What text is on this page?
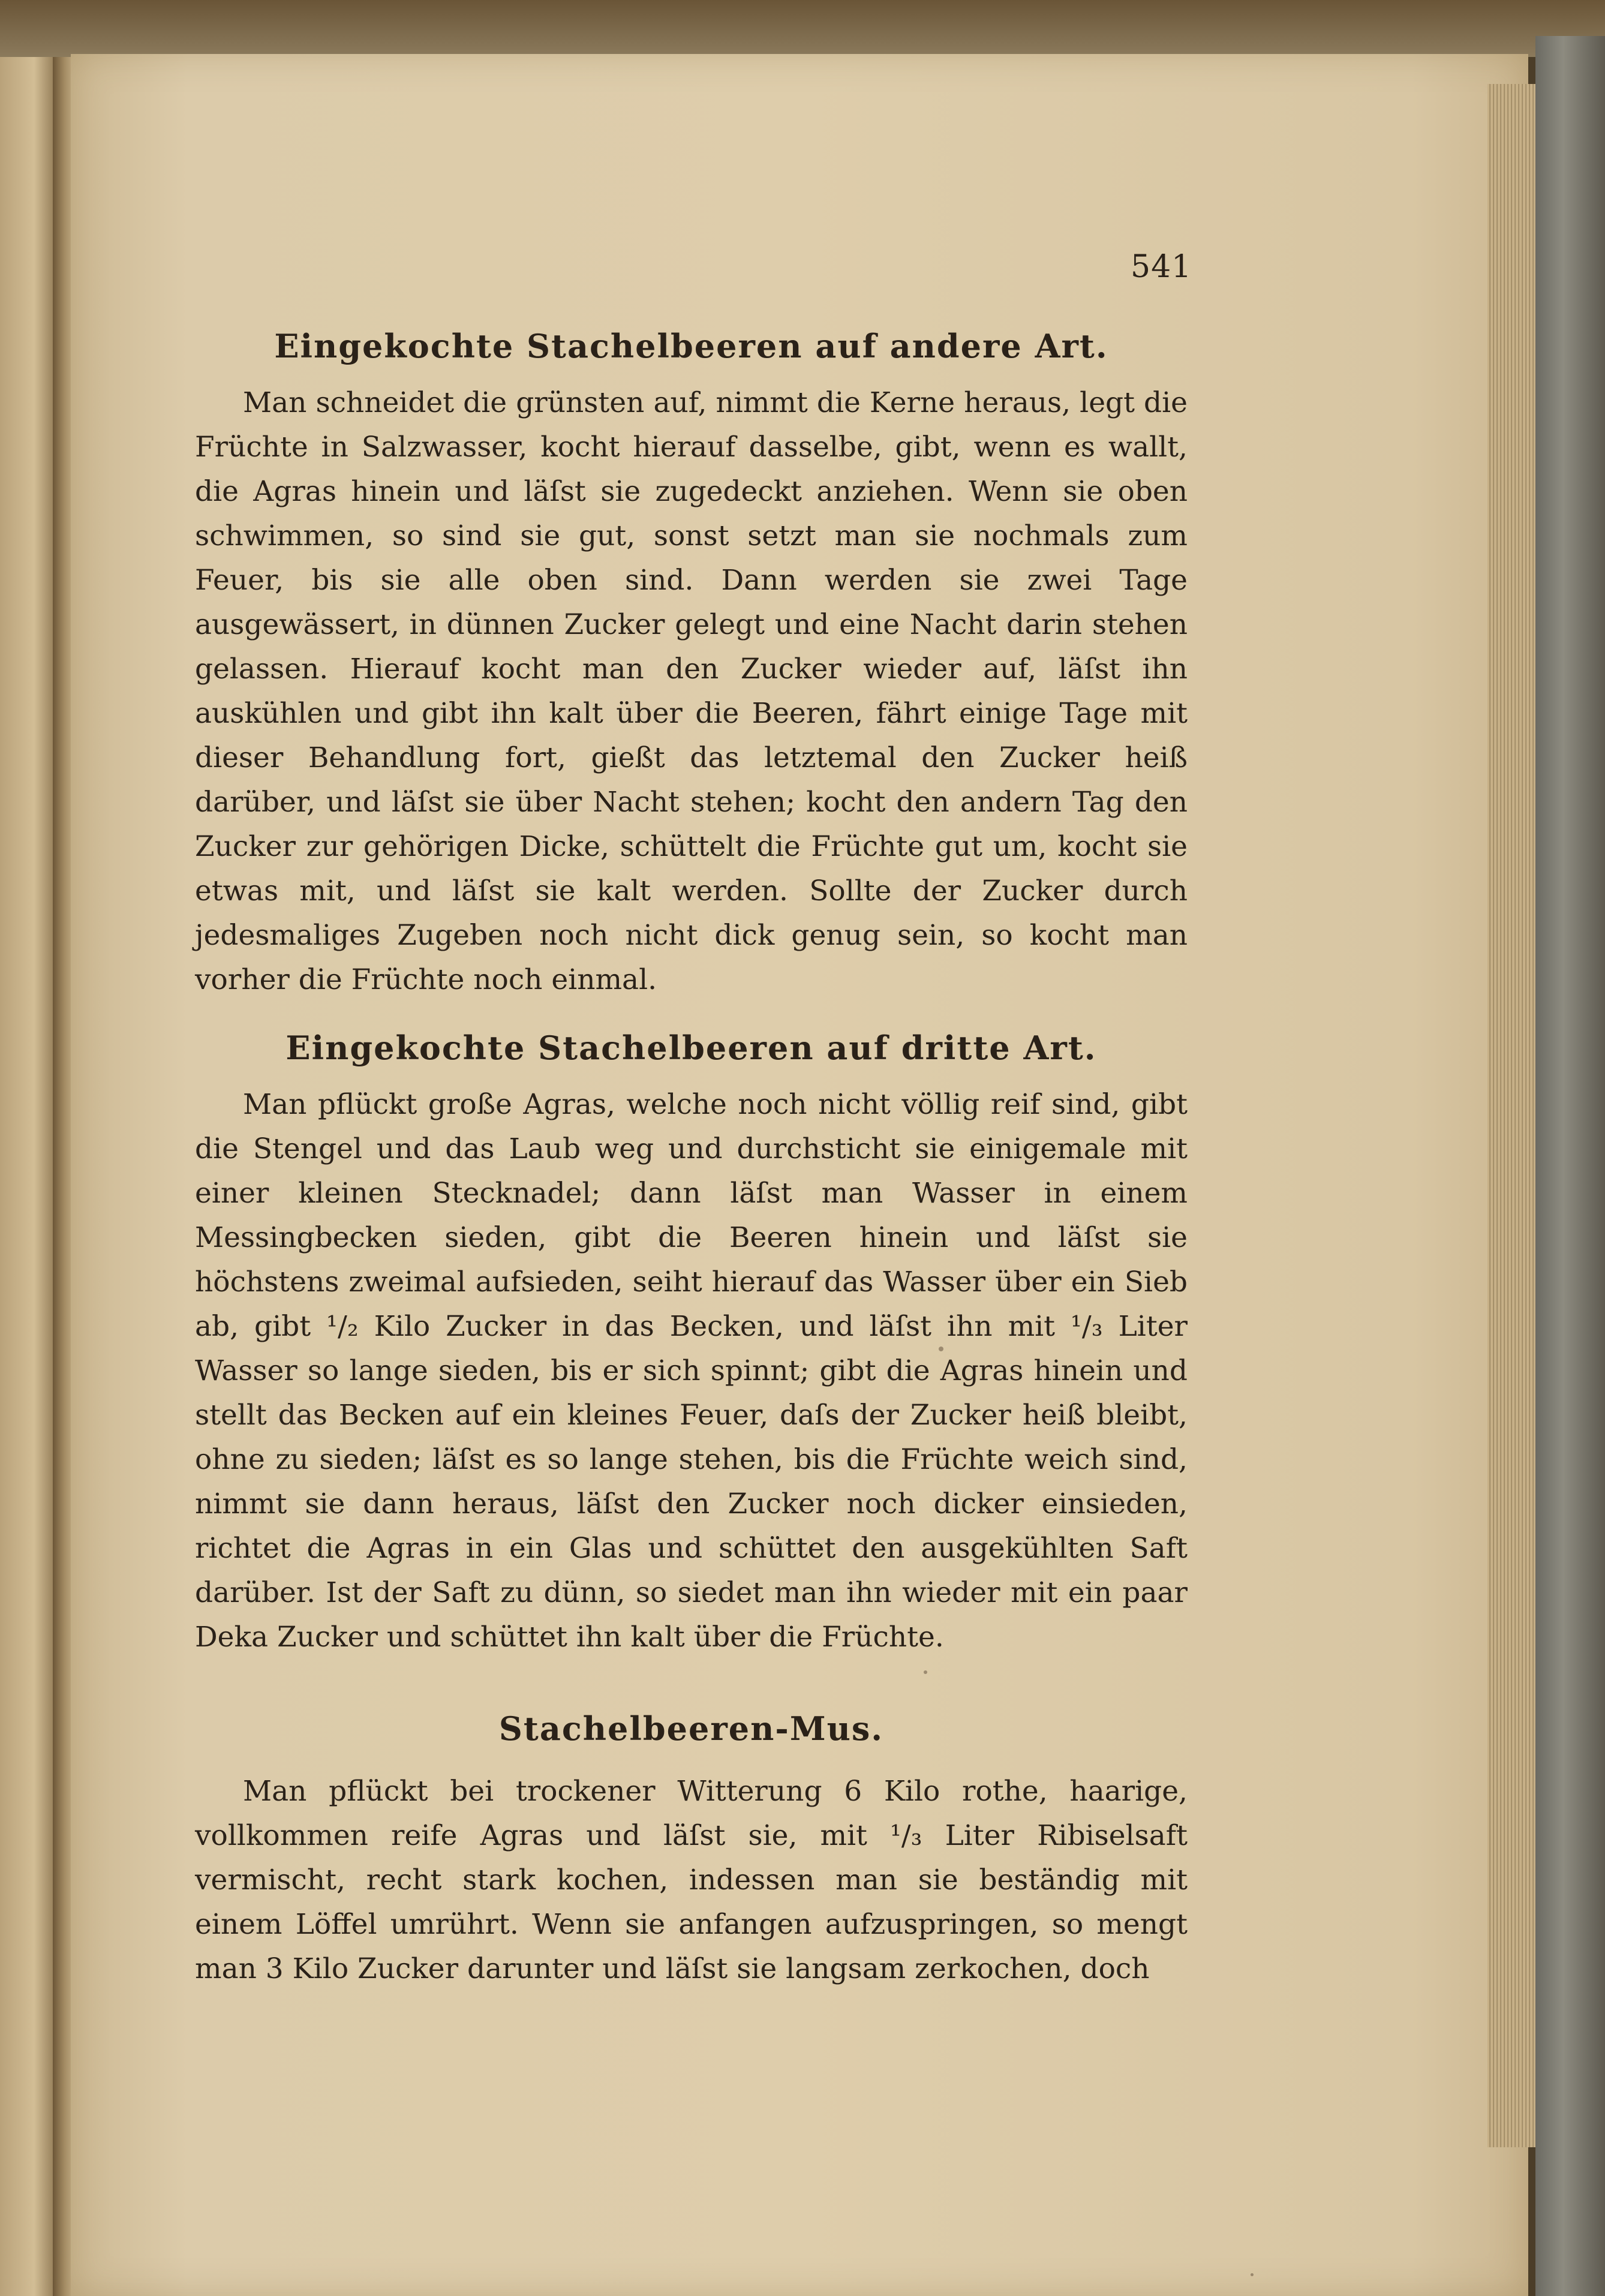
541
Eingekochte Stachelbeeren auf andere Art.

Man schneidet die grünsten auf, nimmt die Kerne heraus, legt die Früchte in Salzwasser, kocht hierauf dasselbe, gibt, wenn es wallt, die Agras hinein und läſst sie zugedeckt anziehen. Wenn sie oben schwimmen, so sind sie gut, sonst setzt man sie nochmals zum Feuer, bis sie alle oben sind. Dann werden sie zwei Tage ausgewässert, in dünnen Zucker gelegt und eine Nacht darin stehen gelassen. Hierauf kocht man den Zucker wieder auf, läſst ihn auskühlen und gibt ihn kalt über die Beeren, fährt einige Tage mit dieser Behandlung fort, gießt das letztemal den Zucker heiß darüber, und läſst sie über Nacht stehen; kocht den andern Tag den Zucker zur gehörigen Dicke, schüttelt die Früchte gut um, kocht sie etwas mit, und läſst sie kalt werden. Sollte der Zucker durch jedesmaliges Zugeben noch nicht dick genug sein, so kocht man vorher die Früchte noch einmal.

Eingekochte Stachelbeeren auf dritte Art.

Man pflückt große Agras, welche noch nicht völlig reif sind, gibt die Stengel und das Laub weg und durchsticht sie einigemale mit einer kleinen Stecknadel; dann läſst man Wasser in einem Messingbecken sieden, gibt die Beeren hinein und läſst sie höchstens zweimal aufsieden, seiht hierauf das Wasser über ein Sieb ab, gibt ¹/₂ Kilo Zucker in das Becken, und läſst ihn mit ¹/₃ Liter Wasser so lange sieden, bis er sich spinnt; gibt die Agras hinein und stellt das Becken auf ein kleines Feuer, daſs der Zucker heiß bleibt, ohne zu sieden; läſst es so lange stehen, bis die Früchte weich sind, nimmt sie dann heraus, läſst den Zucker noch dicker einsieden, richtet die Agras in ein Glas und schüttet den ausgekühlten Saft darüber. Ist der Saft zu dünn, so siedet man ihn wieder mit ein paar Deka Zucker und schüttet ihn kalt über die Früchte.

Stachelbeeren-Mus.

Man pflückt bei trockener Witterung 6 Kilo rothe, haarige, vollkommen reife Agras und läſst sie, mit ¹/₃ Liter Ribiselsaft vermischt, recht stark kochen, indessen man sie beständig mit einem Löffel umrührt. Wenn sie anfangen aufzuspringen, so mengt man 3 Kilo Zucker darunter und läſst sie langsam zerkochen, doch
